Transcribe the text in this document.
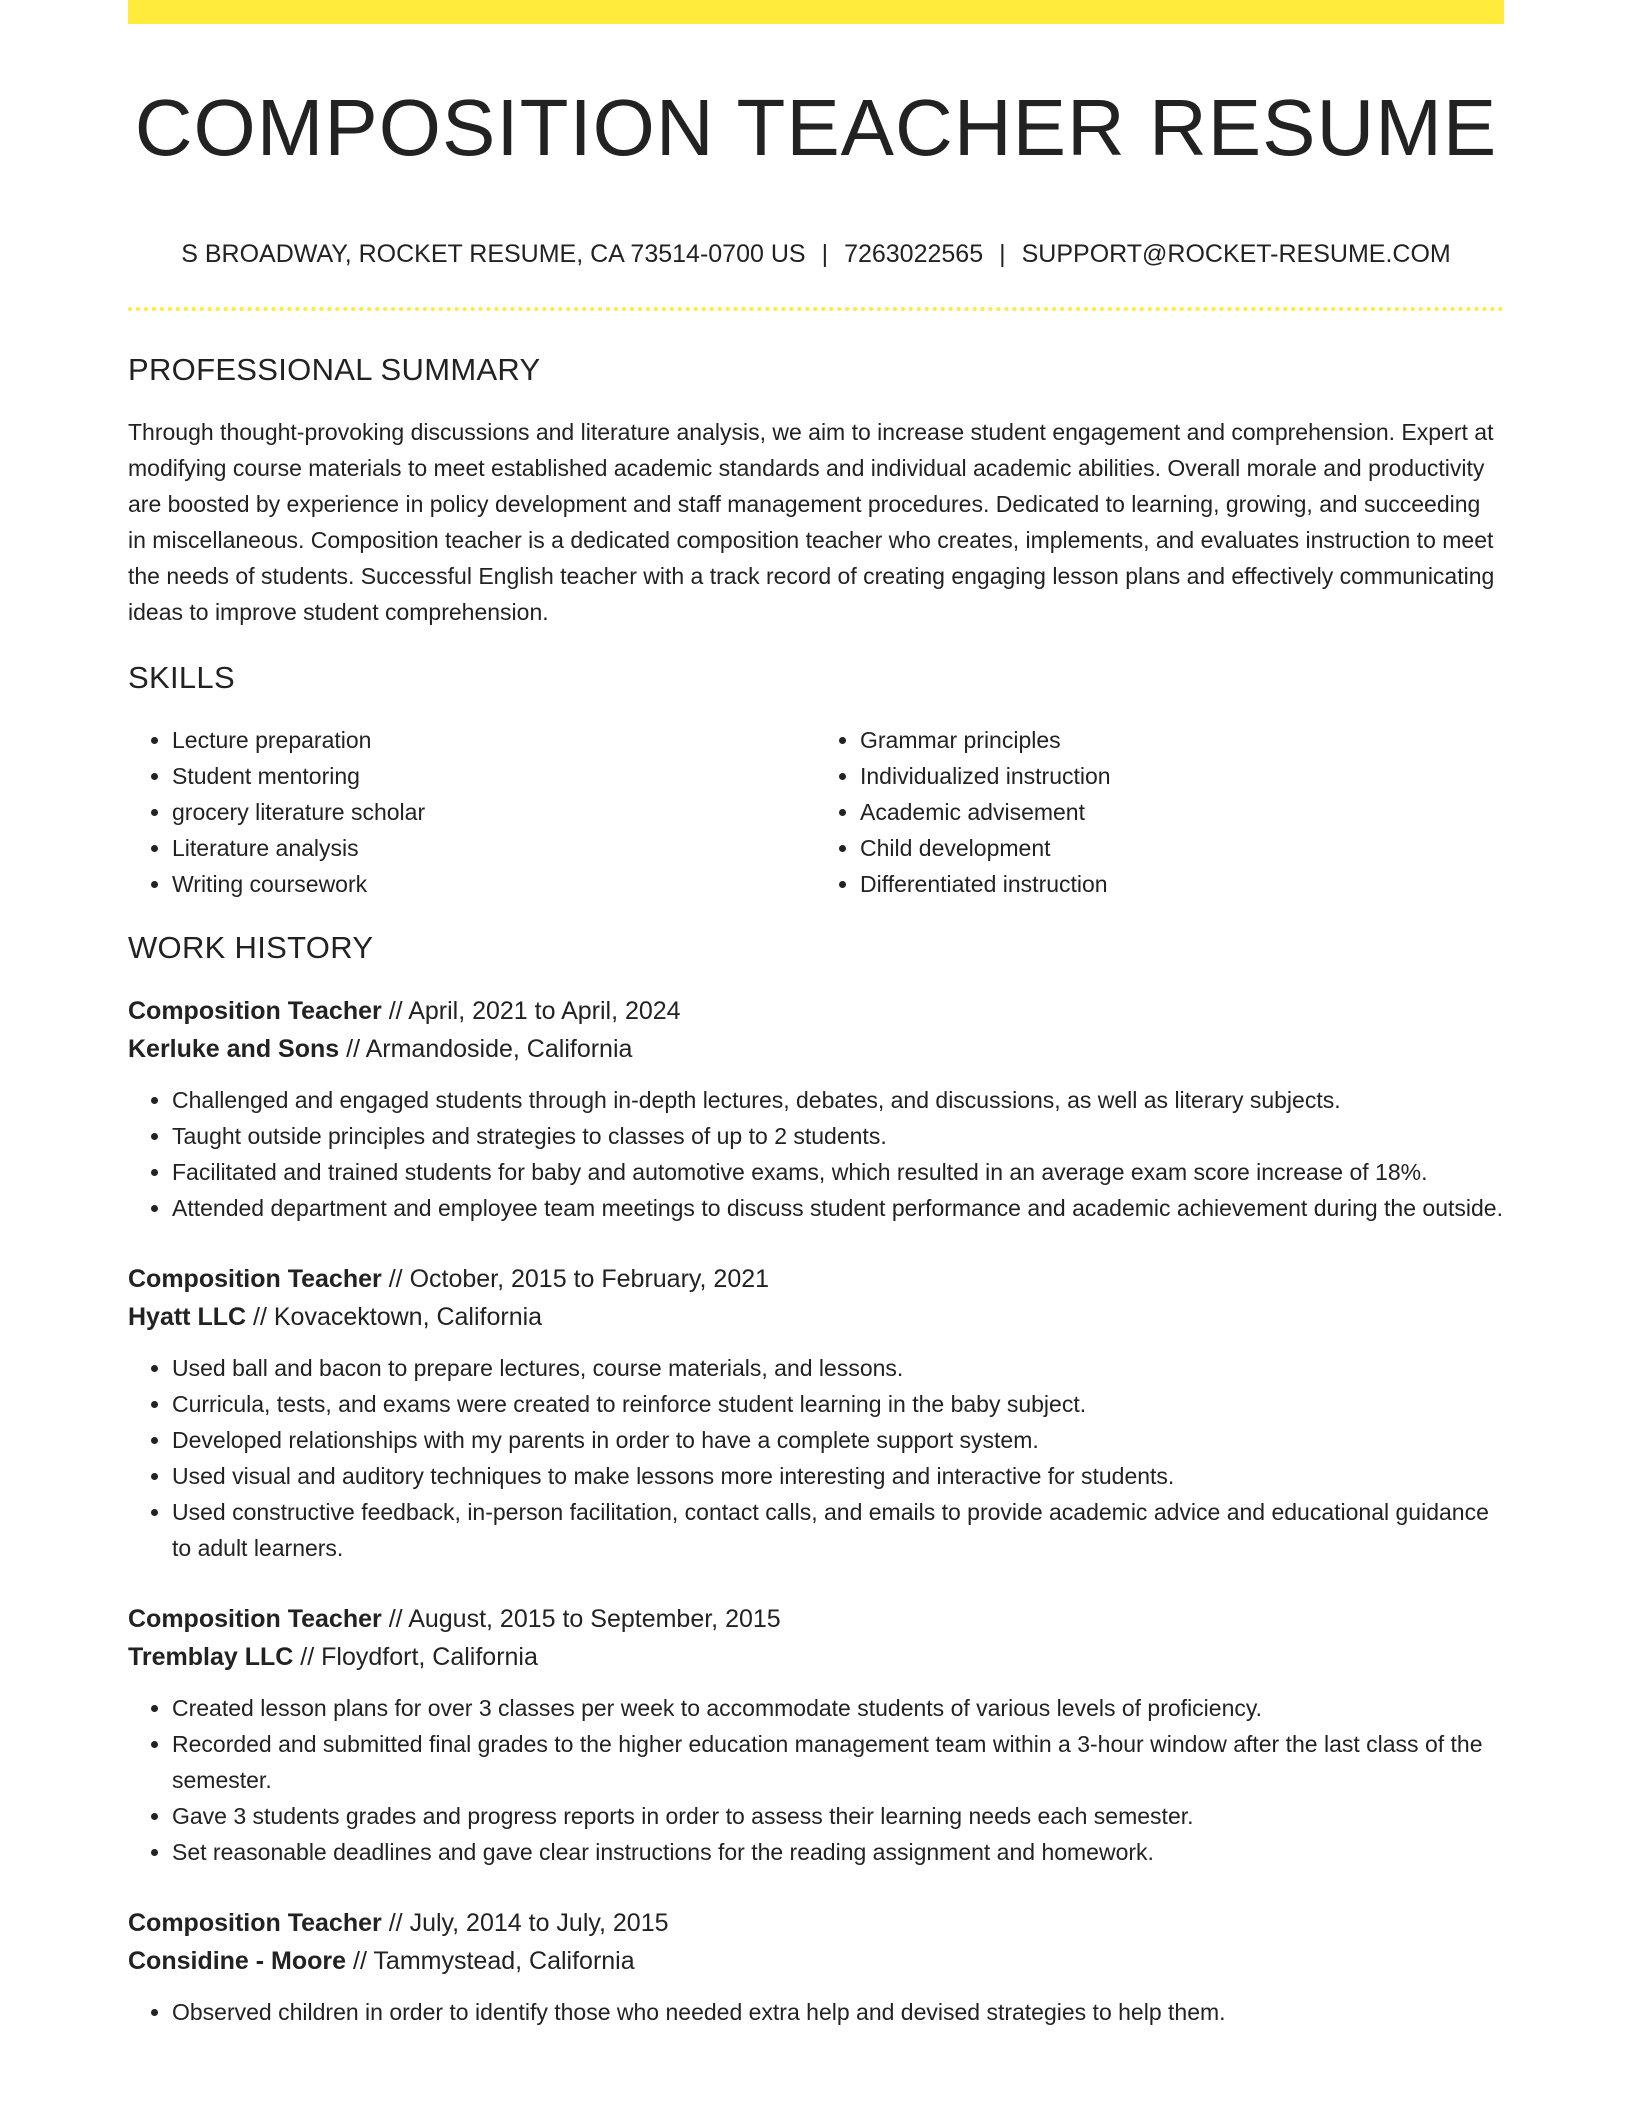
COMPOSITION TEACHER RESUME
S BROADWAY, ROCKET RESUME, CA 73514-0700 US | 7263022565 | SUPPORT@ROCKET-RESUME.COM
PROFESSIONAL SUMMARY

Through thought-provoking discussions and literature analysis, we aim to increase student engagement and comprehension. Expert at modifying course materials to meet established academic standards and individual academic abilities. Overall morale and productivity are boosted by experience in policy development and staff management procedures. Dedicated to learning, growing, and succeeding in miscellaneous. Composition teacher is a dedicated composition teacher who creates, implements, and evaluates instruction to meet the needs of students. Successful English teacher with a track record of creating engaging lesson plans and effectively communicating ideas to improve student comprehension.

SKILLS
• Lecture preparation
• Student mentoring
• grocery literature scholar
• Literature analysis
• Writing coursework
• Grammar principles
• Individualized instruction
• Academic advisement
• Child development
• Differentiated instruction
WORK HISTORY
Composition Teacher // April, 2021 to April, 2024
Kerluke and Sons // Armandoside, California
• Challenged and engaged students through in-depth lectures, debates, and discussions, as well as literary subjects.
• Taught outside principles and strategies to classes of up to 2 students.
• Facilitated and trained students for baby and automotive exams, which resulted in an average exam score increase of 18%.
• Attended department and employee team meetings to discuss student performance and academic achievement during the outside.
Composition Teacher // October, 2015 to February, 2021
Hyatt LLC // Kovacektown, California
• Used ball and bacon to prepare lectures, course materials, and lessons.
• Curricula, tests, and exams were created to reinforce student learning in the baby subject.
• Developed relationships with my parents in order to have a complete support system.
• Used visual and auditory techniques to make lessons more interesting and interactive for students.
• Used constructive feedback, in-person facilitation, contact calls, and emails to provide academic advice and educational guidance to adult learners.
Composition Teacher // August, 2015 to September, 2015
Tremblay LLC // Floydfort, California
• Created lesson plans for over 3 classes per week to accommodate students of various levels of proficiency.
• Recorded and submitted final grades to the higher education management team within a 3-hour window after the last class of the semester.
• Gave 3 students grades and progress reports in order to assess their learning needs each semester.
• Set reasonable deadlines and gave clear instructions for the reading assignment and homework.
Composition Teacher // July, 2014 to July, 2015
Considine - Moore // Tammystead, California
• Observed children in order to identify those who needed extra help and devised strategies to help them.
